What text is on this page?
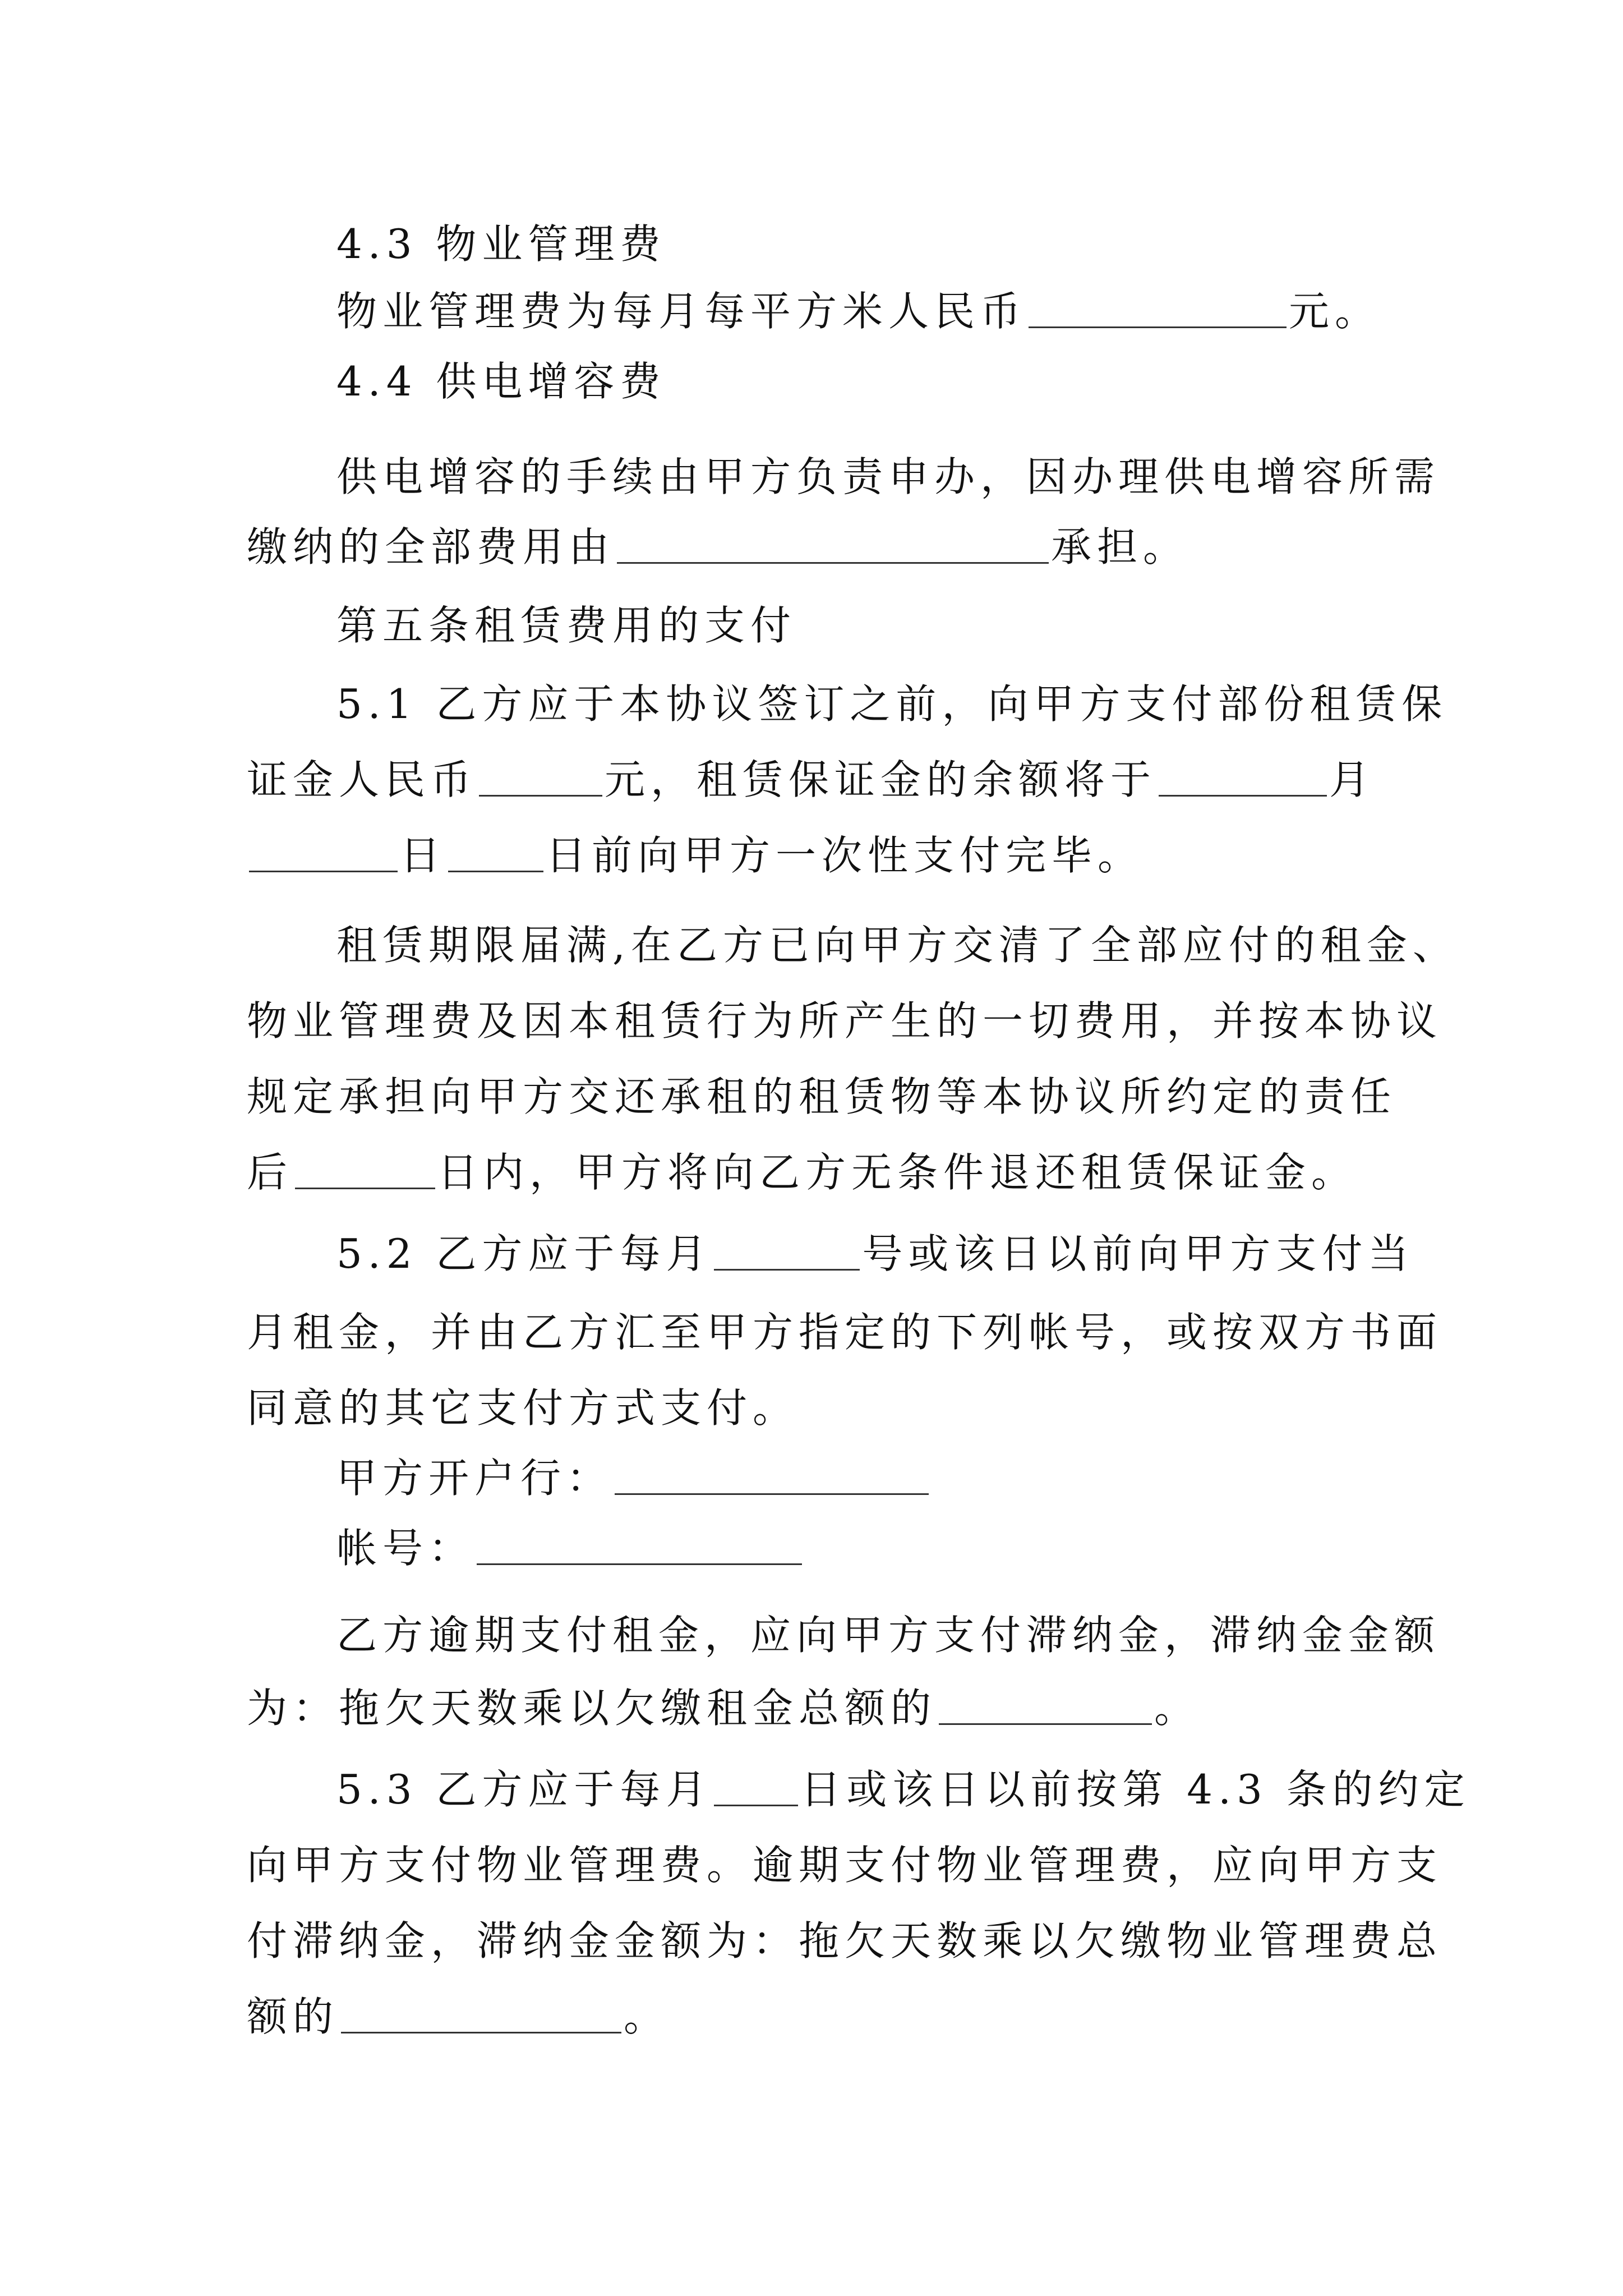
4.3 物业管理费
物业管理费为每月每平方米人民币	元。
4.4 供电增容费
供电增容的手续由甲方负责申办，因办理供电增容所需
缴纳的全部费用由	承担。
第五条租赁费用的支付
5.1 乙方应于本协议签订之前，向甲方支付部份租赁保
证金人民币	元，租赁保证金的余额将于	月
日 日前向甲方一次性支付完毕。
租赁期限届满,在乙方已向甲方交清了全部应付的租金、
物业管理费及因本租赁行为所产生的一切费用，并按本协议
规定承担向甲方交还承租的租赁物等本协议所约定的责任
后	日内，甲方将向乙方无条件退还租赁保证金。
5.2 乙方应于每月	号或该日以前向甲方支付当
月租金，并由乙方汇至甲方指定的下列帐号，或按双方书面
同意的其它支付方式支付。
甲方开户行：
帐号：
乙方逾期支付租金，应向甲方支付滞纳金，滞纳金金额
为：拖欠天数乘以欠缴租金总额的	。
5.3 乙方应于每月 日或该日以前按第 4.3 条的约定
向甲方支付物业管理费。逾期支付物业管理费，应向甲方支
付滞纳金，滞纳金金额为：拖欠天数乘以欠缴物业管理费总
额的	。
